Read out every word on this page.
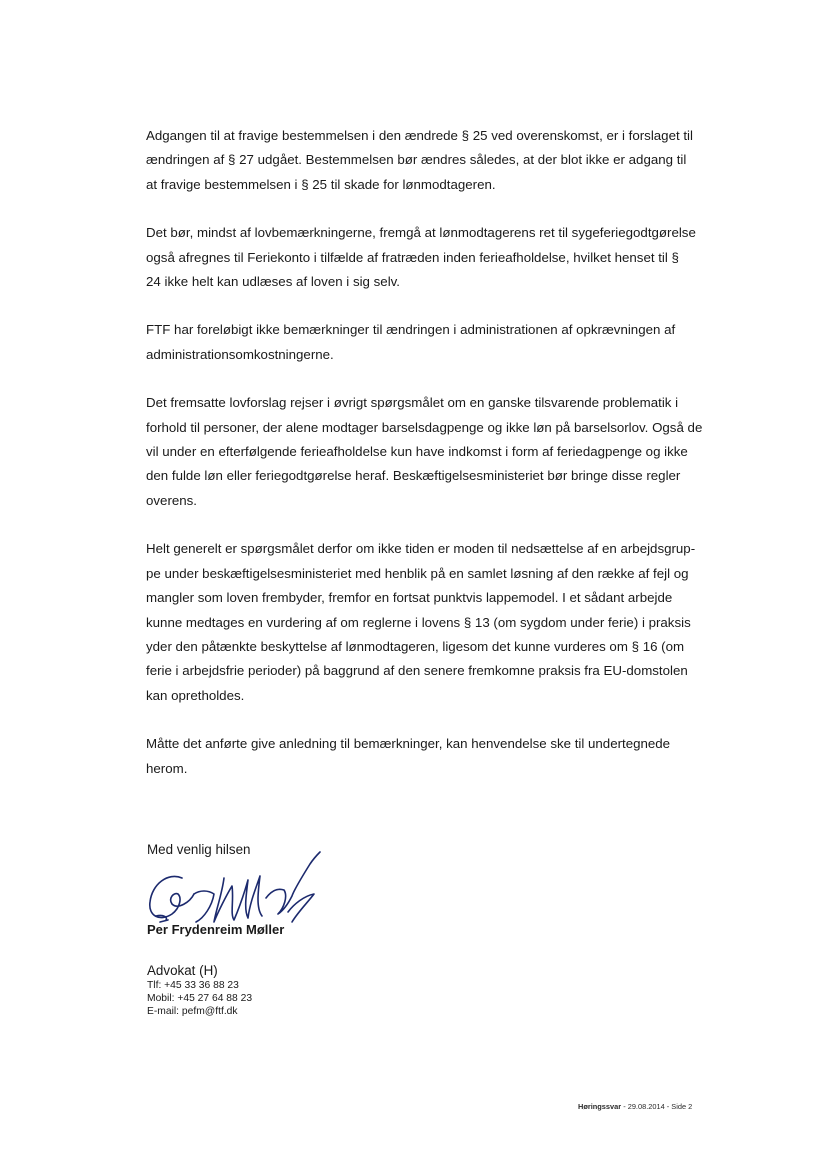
Adgangen til at fravige bestemmelsen i den ændrede § 25 ved overenskomst, er i forslaget til
ændringen af § 27 udgået. Bestemmelsen bør ændres således, at der blot ikke er adgang til
at fravige bestemmelsen i § 25 til skade for lønmodtageren.

Det bør, mindst af lovbemærkningerne, fremgå at lønmodtagerens ret til sygeferiegodtgørelse
også afregnes til Feriekonto i tilfælde af fratræden inden ferieafholdelse, hvilket henset til §
24 ikke helt kan udlæses af loven i sig selv.

FTF har foreløbigt ikke bemærkninger til ændringen i administrationen af opkrævningen af
administrationsomkostningerne.

Det fremsatte lovforslag rejser i øvrigt spørgsmålet om en ganske tilsvarende problematik i
forhold til personer, der alene modtager barselsdagpenge og ikke løn på barselsorlov. Også de
vil under en efterfølgende ferieafholdelse kun have indkomst i form af feriedagpenge og ikke
den fulde løn eller feriegodtgørelse heraf. Beskæftigelsesministeriet bør bringe disse regler
overens.

Helt generelt er spørgsmålet derfor om ikke tiden er moden til nedsættelse af en arbejdsgrup-
pe under beskæftigelsesministeriet med henblik på en samlet løsning af den række af fejl og
mangler som loven frembyder, fremfor en fortsat punktvis lappemodel. I et sådant arbejde
kunne medtages en vurdering af om reglerne i lovens § 13 (om sygdom under ferie) i praksis
yder den påtænkte beskyttelse af lønmodtageren, ligesom det kunne vurderes om § 16 (om
ferie i arbejdsfrie perioder) på baggrund af den senere fremkomne praksis fra EU-domstolen
kan opretholdes.

Måtte det anførte give anledning til bemærkninger, kan henvendelse ske til undertegnede
herom.

Med venlig hilsen
Per Frydenreim Møller
Advokat (H)
Tlf: +45 33 36 88 23
Mobil: +45 27 64 88 23
E-mail: pefm@ftf.dk
Høringssvar - 29.08.2014 - Side 2
